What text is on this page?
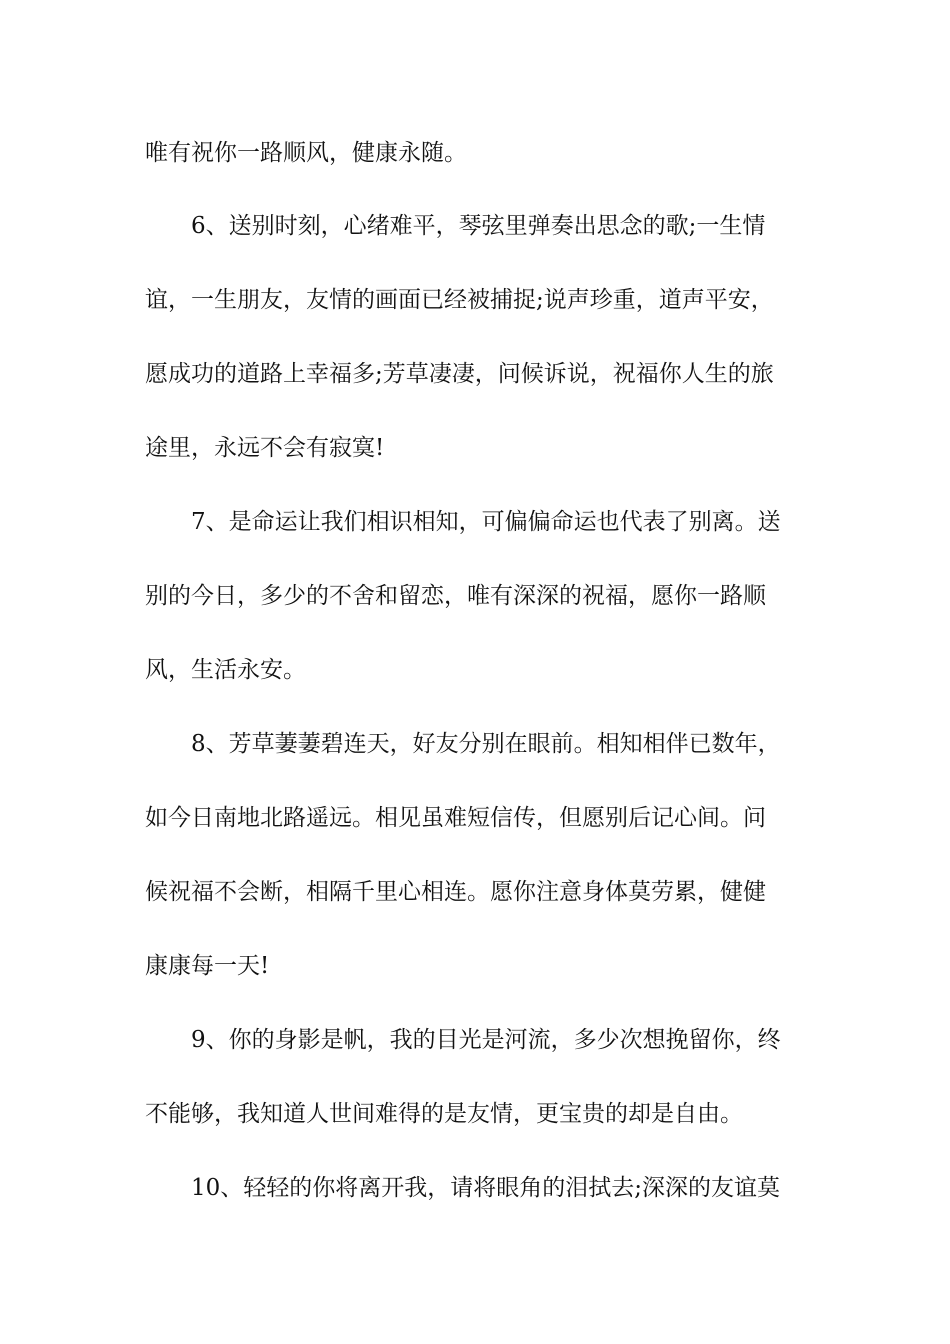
唯有祝你一路顺风，健康永随。

　　6、送别时刻，心绪难平，琴弦里弹奏出思念的歌;一生情

谊，一生朋友，友情的画面已经被捕捉;说声珍重，道声平安，

愿成功的道路上幸福多;芳草凄凄，问候诉说，祝福你人生的旅

途里，永远不会有寂寞!

　　7、是命运让我们相识相知，可偏偏命运也代表了别离。送

别的今日，多少的不舍和留恋，唯有深深的祝福，愿你一路顺

风，生活永安。

　　8、芳草萋萋碧连天，好友分别在眼前。相知相伴已数年，

如今日南地北路遥远。相见虽难短信传，但愿别后记心间。问

候祝福不会断，相隔千里心相连。愿你注意身体莫劳累，健健

康康每一天!

　　9、你的身影是帆，我的目光是河流，多少次想挽留你，终

不能够，我知道人世间难得的是友情，更宝贵的却是自由。

　　10、轻轻的你将离开我，请将眼角的泪拭去;深深的友谊莫
